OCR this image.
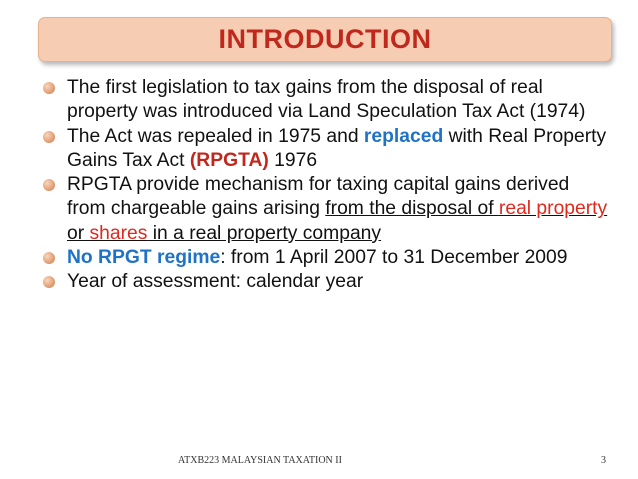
INTRODUCTION
The first legislation to tax gains from the disposal of real property was introduced via Land Speculation Tax Act (1974)
The Act was repealed in 1975 and replaced with Real Property Gains Tax Act (RPGTA) 1976
RPGTA provide mechanism for taxing capital gains derived from chargeable gains arising from the disposal of real property or shares in a real property company
No RPGT regime: from 1 April 2007 to 31 December 2009
Year of assessment: calendar year
ATXB223 MALAYSIAN TAXATION II	3
